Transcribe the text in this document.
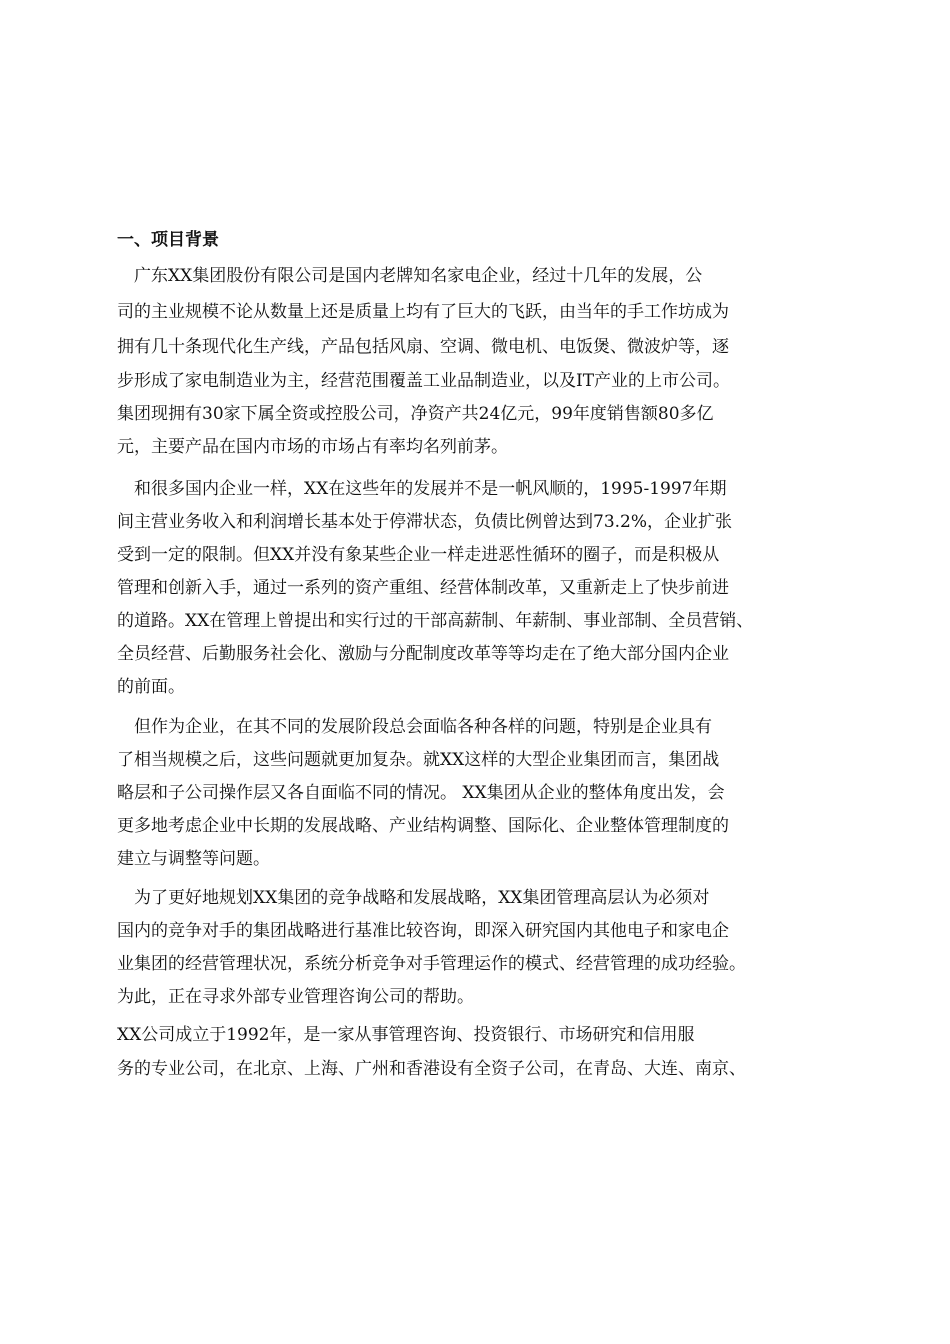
一、项目背景

　广东XX集团股份有限公司是国内老牌知名家电企业，经过十几年的发展，公

司的主业规模不论从数量上还是质量上均有了巨大的飞跃，由当年的手工作坊成为

拥有几十条现代化生产线，产品包括风扇、空调、微电机、电饭煲、微波炉等，逐

步形成了家电制造业为主，经营范围覆盖工业品制造业，以及IT产业的上市公司。

集团现拥有30家下属全资或控股公司，净资产共24亿元，99年度销售额80多亿

元，主要产品在国内市场的市场占有率均名列前茅。

　和很多国内企业一样，XX在这些年的发展并不是一帆风顺的，1995-1997年期

间主营业务收入和利润增长基本处于停滞状态，负债比例曾达到73.2%，企业扩张

受到一定的限制。但XX并没有象某些企业一样走进恶性循环的圈子，而是积极从

管理和创新入手，通过一系列的资产重组、经营体制改革，又重新走上了快步前进

的道路。XX在管理上曾提出和实行过的干部高薪制、年薪制、事业部制、全员营销、

全员经营、后勤服务社会化、激励与分配制度改革等等均走在了绝大部分国内企业

的前面。

　但作为企业，在其不同的发展阶段总会面临各种各样的问题，特别是企业具有

了相当规模之后，这些问题就更加复杂。就XX这样的大型企业集团而言，集团战

略层和子公司操作层又各自面临不同的情况。 XX集团从企业的整体角度出发，会

更多地考虑企业中长期的发展战略、产业结构调整、国际化、企业整体管理制度的

建立与调整等问题。

　为了更好地规划XX集团的竞争战略和发展战略，XX集团管理高层认为必须对

国内的竞争对手的集团战略进行基准比较咨询，即深入研究国内其他电子和家电企

业集团的经营管理状况，系统分析竞争对手管理运作的模式、经营管理的成功经验。

为此，正在寻求外部专业管理咨询公司的帮助。

XX公司成立于1992年，是一家从事管理咨询、投资银行、市场研究和信用服

务的专业公司，在北京、上海、广州和香港设有全资子公司，在青岛、大连、南京、
